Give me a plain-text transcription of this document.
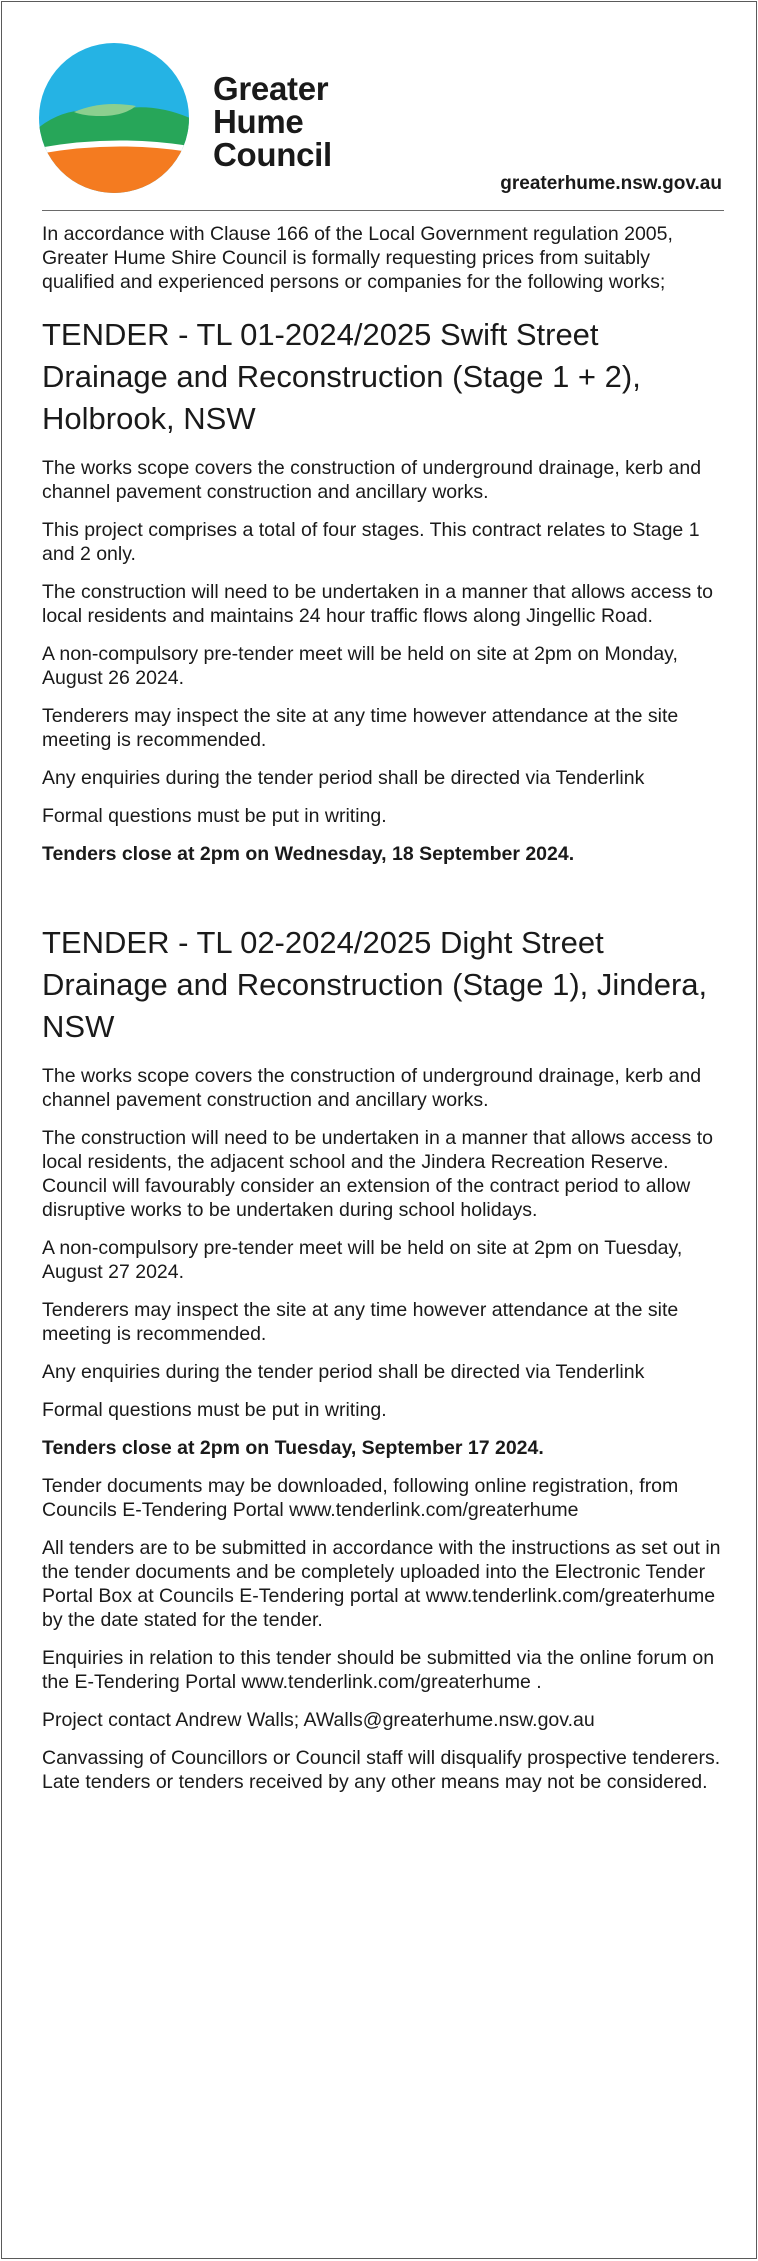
Greater
Hume
Council
greaterhume.nsw.gov.au

In accordance with Clause 166 of the Local Government regulation 2005, Greater Hume Shire Council is formally requesting prices from suitably qualified and experienced persons or companies for the following works;

TENDER - TL 01-2024/2025 Swift Street Drainage and Reconstruction (Stage 1 + 2), Holbrook, NSW

The works scope covers the construction of underground drainage, kerb and channel pavement construction and ancillary works.

This project comprises a total of four stages. This contract relates to Stage 1 and 2 only.

The construction will need to be undertaken in a manner that allows access to local residents and maintains 24 hour traffic flows along Jingellic Road.

A non-compulsory pre-tender meet will be held on site at 2pm on Monday, August 26 2024.

Tenderers may inspect the site at any time however attendance at the site meeting is recommended.

Any enquiries during the tender period shall be directed via Tenderlink

Formal questions must be put in writing.

Tenders close at 2pm on Wednesday, 18 September 2024.

TENDER - TL 02-2024/2025 Dight Street Drainage and Reconstruction (Stage 1), Jindera, NSW

The works scope covers the construction of underground drainage, kerb and channel pavement construction and ancillary works.

The construction will need to be undertaken in a manner that allows access to local residents, the adjacent school and the Jindera Recreation Reserve. Council will favourably consider an extension of the contract period to allow disruptive works to be undertaken during school holidays.

A non-compulsory pre-tender meet will be held on site at 2pm on Tuesday, August 27 2024.

Tenderers may inspect the site at any time however attendance at the site meeting is recommended.

Any enquiries during the tender period shall be directed via Tenderlink

Formal questions must be put in writing.

Tenders close at 2pm on Tuesday, September 17 2024.

Tender documents may be downloaded, following online registration, from Councils E-Tendering Portal www.tenderlink.com/greaterhume

All tenders are to be submitted in accordance with the instructions as set out in the tender documents and be completely uploaded into the Electronic Tender Portal Box at Councils E-Tendering portal at www.tenderlink.com/greaterhume by the date stated for the tender.

Enquiries in relation to this tender should be submitted via the online forum on the E-Tendering Portal www.tenderlink.com/greaterhume .

Project contact Andrew Walls; AWalls@greaterhume.nsw.gov.au

Canvassing of Councillors or Council staff will disqualify prospective tenderers. Late tenders or tenders received by any other means may not be considered.
